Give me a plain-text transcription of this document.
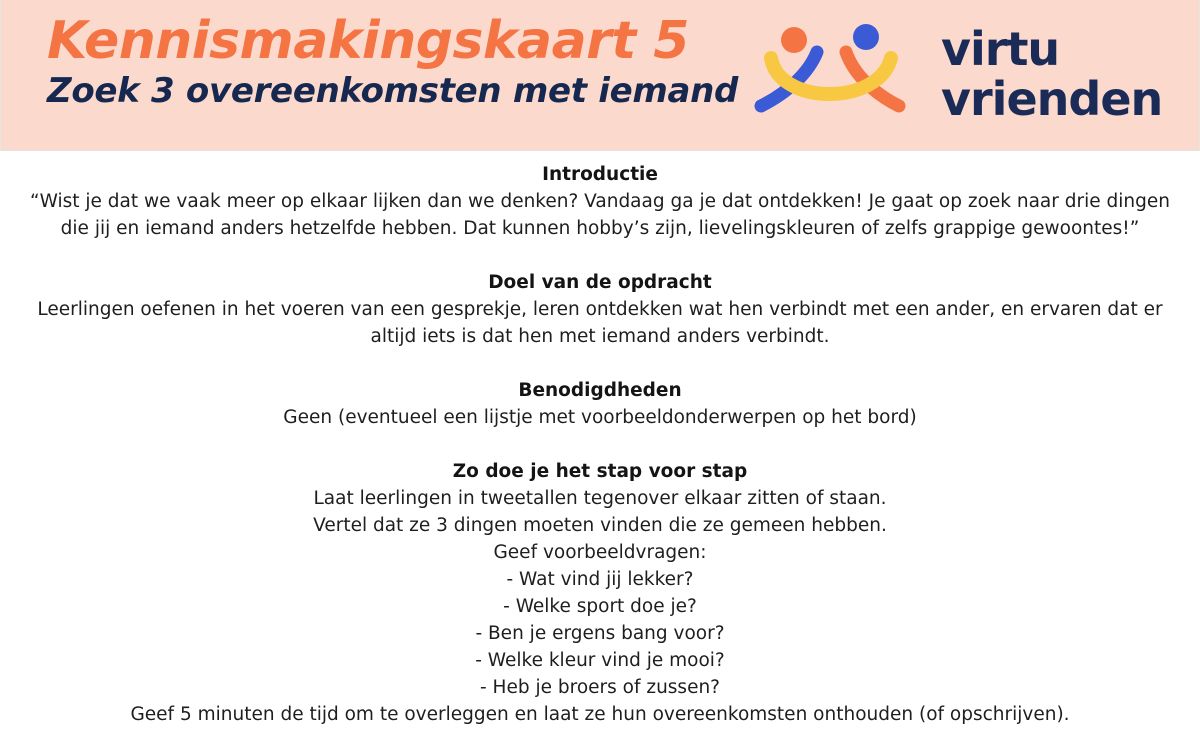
Kennismakingskaart 5
Zoek 3 overeenkomsten met iemand
virtu
vrienden
Introductie

“Wist je dat we vaak meer op elkaar lijken dan we denken? Vandaag ga je dat ontdekken! Je gaat op zoek naar drie dingen

die jij en iemand anders hetzelfde hebben. Dat kunnen hobby’s zijn, lievelingskleuren of zelfs grappige gewoontes!”

Doel van de opdracht

Leerlingen oefenen in het voeren van een gesprekje, leren ontdekken wat hen verbindt met een ander, en ervaren dat er

altijd iets is dat hen met iemand anders verbindt.

Benodigdheden

Geen (eventueel een lijstje met voorbeeldonderwerpen op het bord)

Zo doe je het stap voor stap

Laat leerlingen in tweetallen tegenover elkaar zitten of staan.

Vertel dat ze 3 dingen moeten vinden die ze gemeen hebben.

Geef voorbeeldvragen:

- Wat vind jij lekker?

- Welke sport doe je?

- Ben je ergens bang voor?

- Welke kleur vind je mooi?

- Heb je broers of zussen?

Geef 5 minuten de tijd om te overleggen en laat ze hun overeenkomsten onthouden (of opschrijven).
